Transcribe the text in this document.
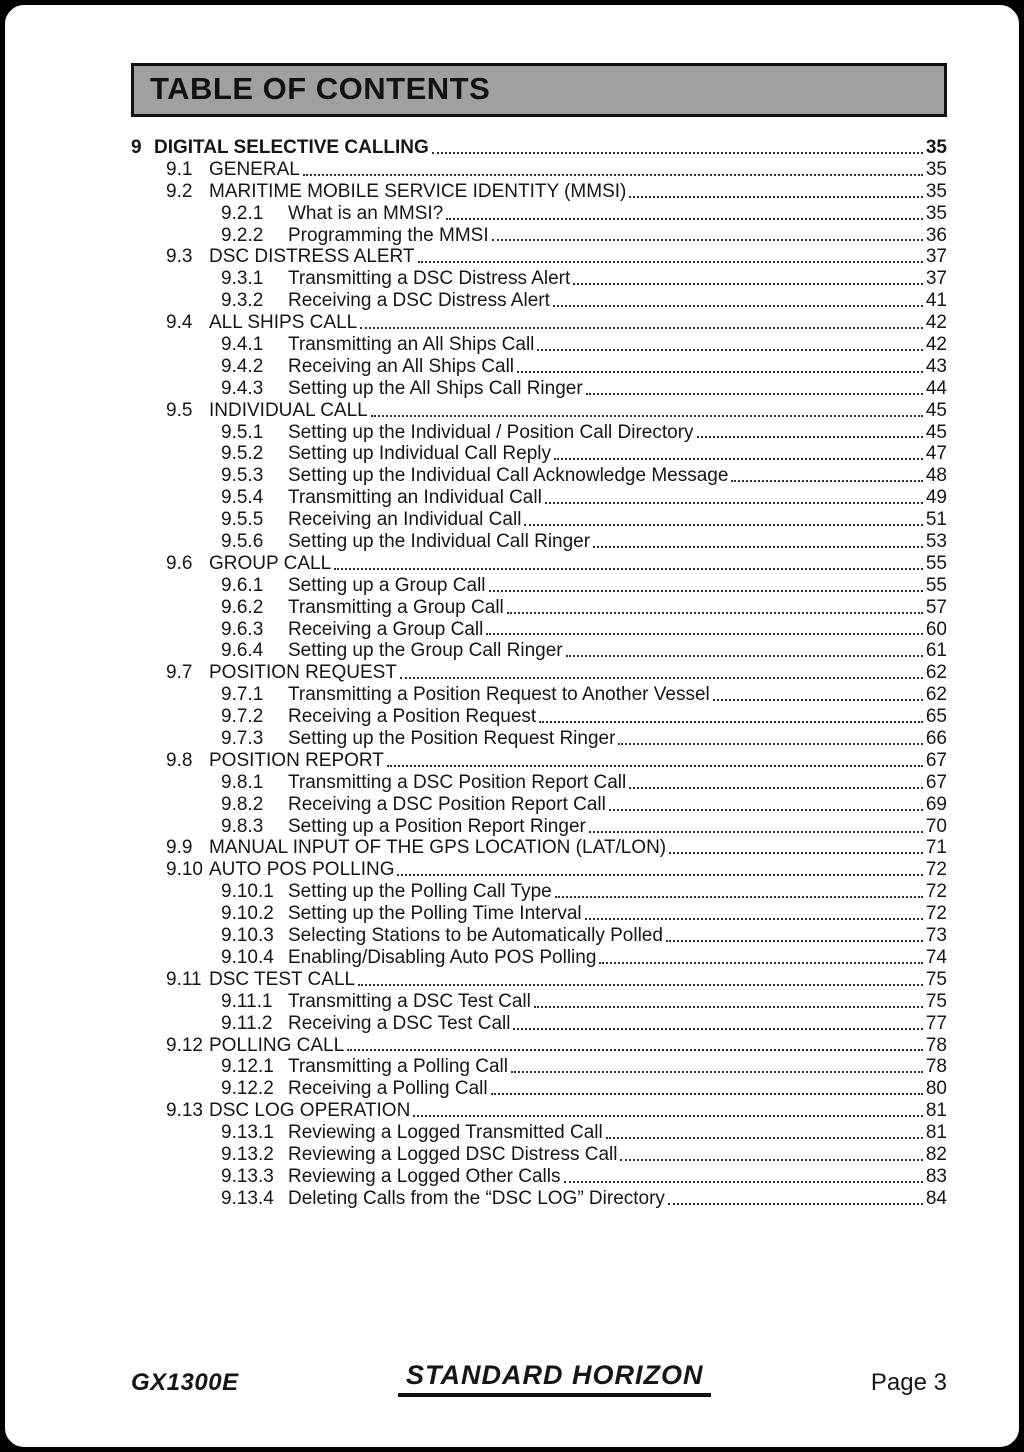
TABLE OF CONTENTS
9 DIGITAL SELECTIVE CALLING	35
9.1 GENERAL	35
9.2 MARITIME MOBILE SERVICE IDENTITY (MMSI)	35
9.2.1	What is an MMSI?	35
9.2.2	Programming the MMSI	36
9.3 DSC DISTRESS ALERT	37
9.3.1	Transmitting a DSC Distress Alert	37
9.3.2	Receiving a DSC Distress Alert	41
9.4 ALL SHIPS CALL	42
9.4.1	Transmitting an All Ships Call	42
9.4.2	Receiving an All Ships Call	43
9.4.3	Setting up the All Ships Call Ringer	44
9.5 INDIVIDUAL CALL	45
9.5.1	Setting up the Individual / Position Call Directory	45
9.5.2	Setting up Individual Call Reply	47
9.5.3	Setting up the Individual Call Acknowledge Message	48
9.5.4	Transmitting an Individual Call	49
9.5.5	Receiving an Individual Call	51
9.5.6	Setting up the Individual Call Ringer	53
9.6 GROUP CALL	55
9.6.1	Setting up a Group Call	55
9.6.2	Transmitting a Group Call	57
9.6.3	Receiving a Group Call	60
9.6.4	Setting up the Group Call Ringer	61
9.7 POSITION REQUEST	62
9.7.1	Transmitting a Position Request to Another Vessel	62
9.7.2	Receiving a Position Request	65
9.7.3	Setting up the Position Request Ringer	66
9.8 POSITION REPORT	67
9.8.1	Transmitting a DSC Position Report Call	67
9.8.2	Receiving a DSC Position Report Call	69
9.8.3	Setting up a Position Report Ringer	70
9.9 MANUAL INPUT OF THE GPS LOCATION (LAT/LON)	71
9.10 AUTO POS POLLING	72
9.10.1 Setting up the Polling Call Type	72
9.10.2 Setting up the Polling Time Interval	72
9.10.3 Selecting Stations to be Automatically Polled	73
9.10.4 Enabling/Disabling Auto POS Polling	74
9.11 DSC TEST CALL	75
9.11.1 Transmitting a DSC Test Call	75
9.11.2 Receiving a DSC Test Call	77
9.12 POLLING CALL	78
9.12.1 Transmitting a Polling Call	78
9.12.2 Receiving a Polling Call	80
9.13 DSC LOG OPERATION	81
9.13.1 Reviewing a Logged Transmitted Call	81
9.13.2 Reviewing a Logged DSC Distress Call	82
9.13.3 Reviewing a Logged Other Calls	83
9.13.4 Deleting Calls from the “DSC LOG” Directory	84
GX1300E	STANDARD HORIZON	Page 3
